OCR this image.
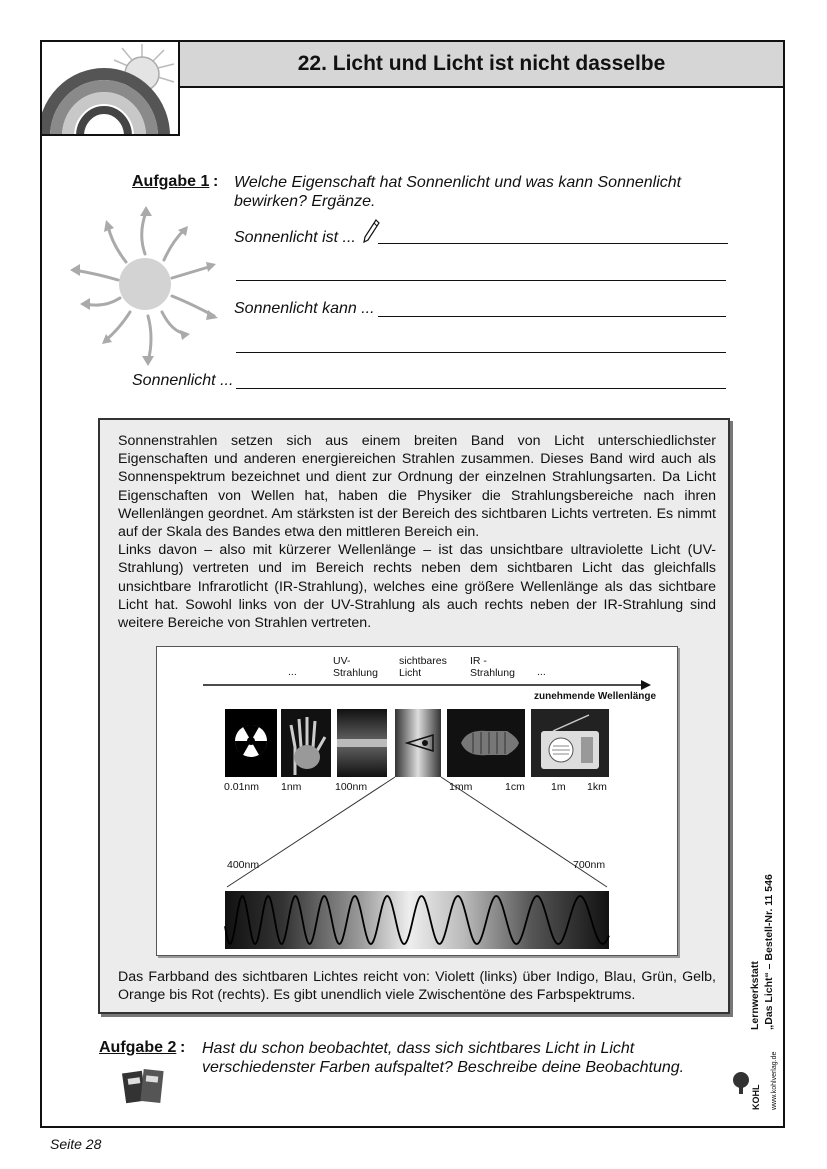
22. Licht und Licht ist nicht dasselbe
Aufgabe 1 : Welche Eigenschaft hat Sonnenlicht und was kann Sonnenlicht bewirken? Ergänze.
Sonnenlicht ist ...
Sonnenlicht kann ...
Sonnenlicht ...

Sonnenstrahlen setzen sich aus einem breiten Band von Licht unterschiedlichster Eigenschaften und anderen energiereichen Strahlen zusammen. Dieses Band wird auch als Sonnenspektrum bezeichnet und dient zur Ordnung der einzelnen Strahlungsarten. Da Licht Eigenschaften von Wellen hat, haben die Physiker die Strahlungsbereiche nach ihren Wellenlängen geordnet. Am stärksten ist der Bereich des sichtbaren Lichts vertreten. Es nimmt auf der Skala des Bandes etwa den mittleren Bereich ein.

Links davon – also mit kürzerer Wellenlänge – ist das unsichtbare ultraviolette Licht (UV-Strahlung) vertreten und im Bereich rechts neben dem sichtbaren Licht das gleichfalls unsichtbare Infrarotlicht (IR-Strahlung), welches eine größere Wellenlänge als das sichtbare Licht hat. Sowohl links von der UV-Strahlung als auch rechts neben der IR-Strahlung sind weitere Bereiche von Strahlen vertreten.

...
UV-
Strahlung
sichtbares
Licht
IR -
Strahlung ...
zunehmende Wellenlänge
0.01nm 1nm	100nm	1mm	1cm 1m 1km
400nm	700nm
Das Farbband des sichtbaren Lichtes reicht von: Violett (links) über Indigo, Blau, Grün, Gelb, Orange bis Rot (rechts). Es gibt unendlich viele Zwischentöne des Farbspektrums.
Aufgabe 2 : Hast du schon beobachtet, dass sich sichtbares Licht in Licht verschiedenster Farben aufspaltet? Beschreibe deine Beobachtung.
Lernwerkstatt „Das Licht“ – Bestell-Nr. 11 546
KOHL www.kohlverlag.de
Seite 28
